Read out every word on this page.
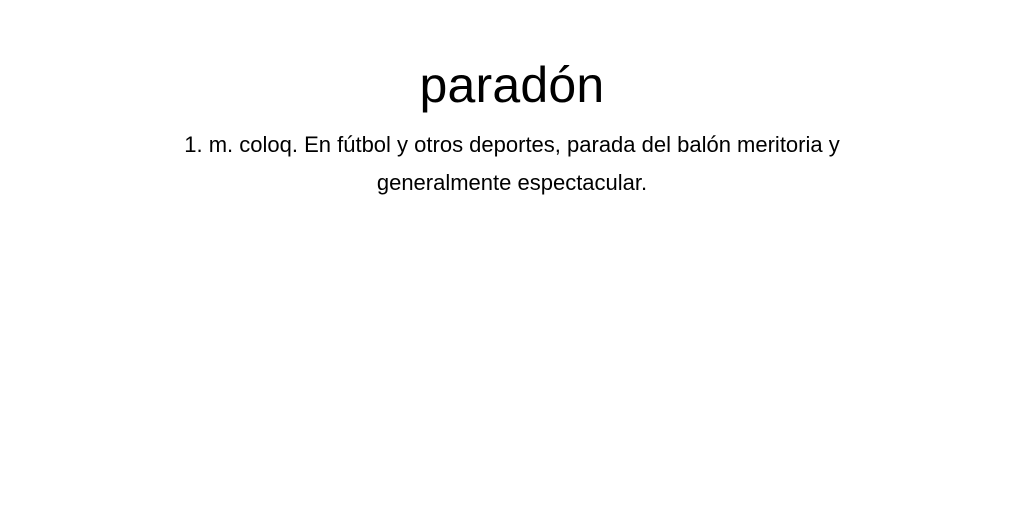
paradón

1. m. coloq. En fútbol y otros deportes, parada del balón meritoria y generalmente espectacular.
